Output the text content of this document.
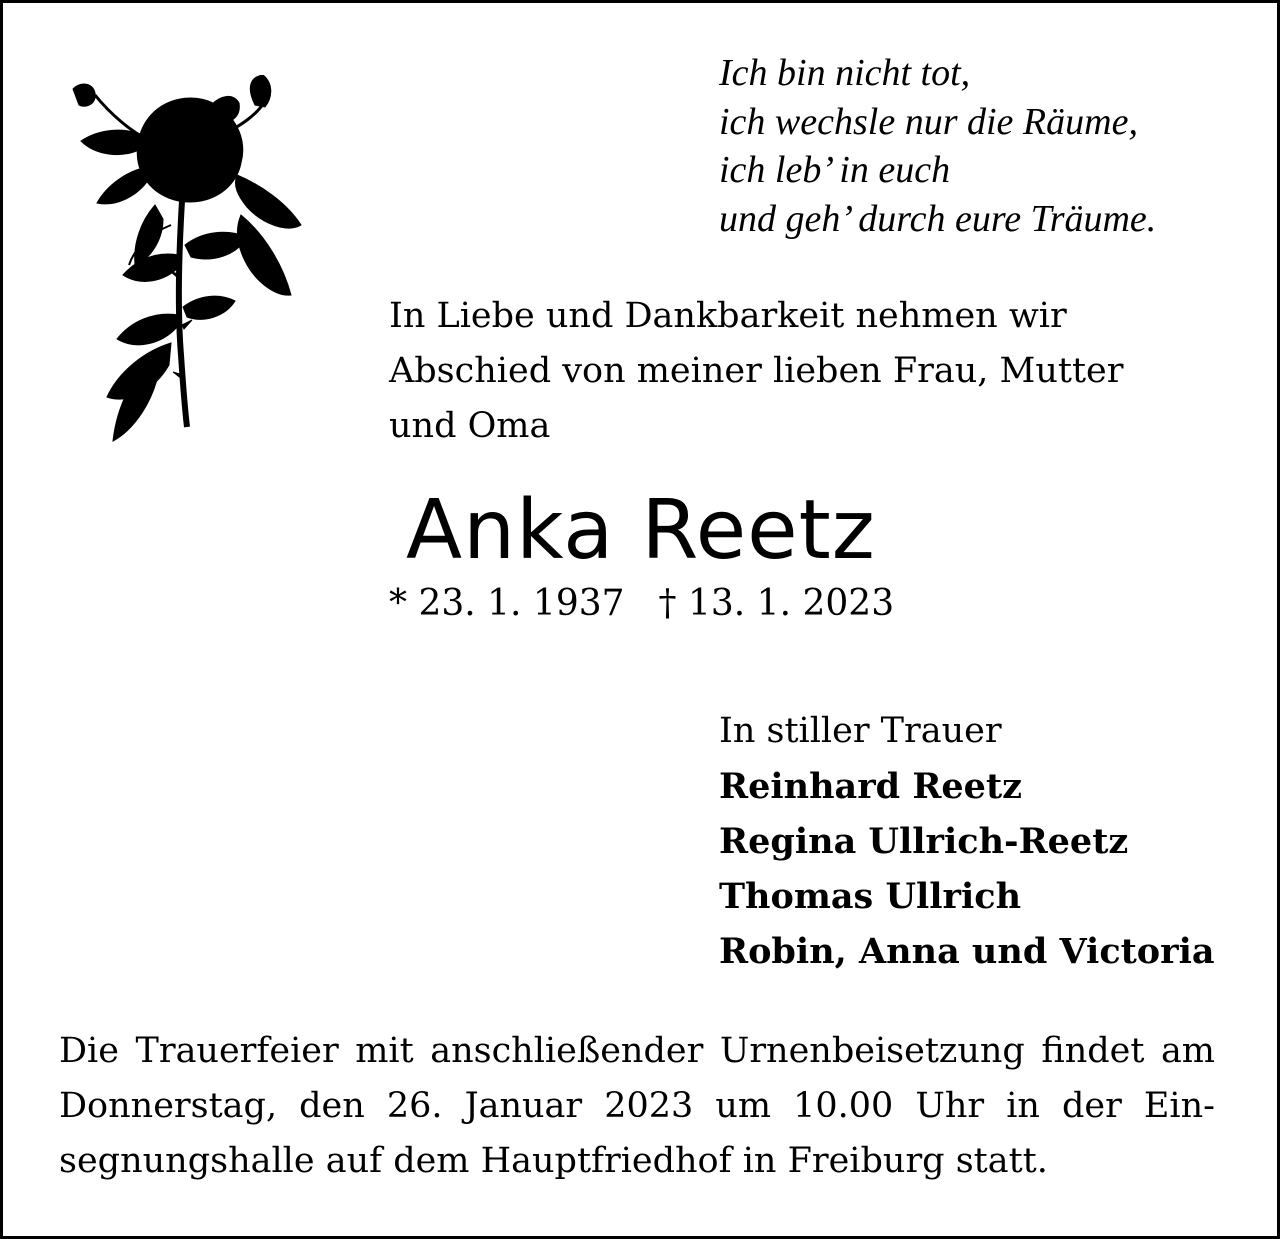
Ich bin nicht tot,
ich wechsle nur die Räume,
ich leb’ in euch
und geh’ durch eure Träume.
In Liebe und Dankbarkeit nehmen wir
Abschied von meiner lieben Frau, Mutter
und Oma
Anka Reetz
* 23. 1. 1937 † 13. 1. 2023
In stiller Trauer
Reinhard Reetz
Regina Ullrich-Reetz
Thomas Ullrich
Robin, Anna und Victoria
Die Trauerfeier mit anschließender Urnenbeisetzung findet am
Donnerstag, den 26. Januar 2023 um 10.00 Uhr in der Ein-
segnungshalle auf dem Hauptfriedhof in Freiburg statt.
